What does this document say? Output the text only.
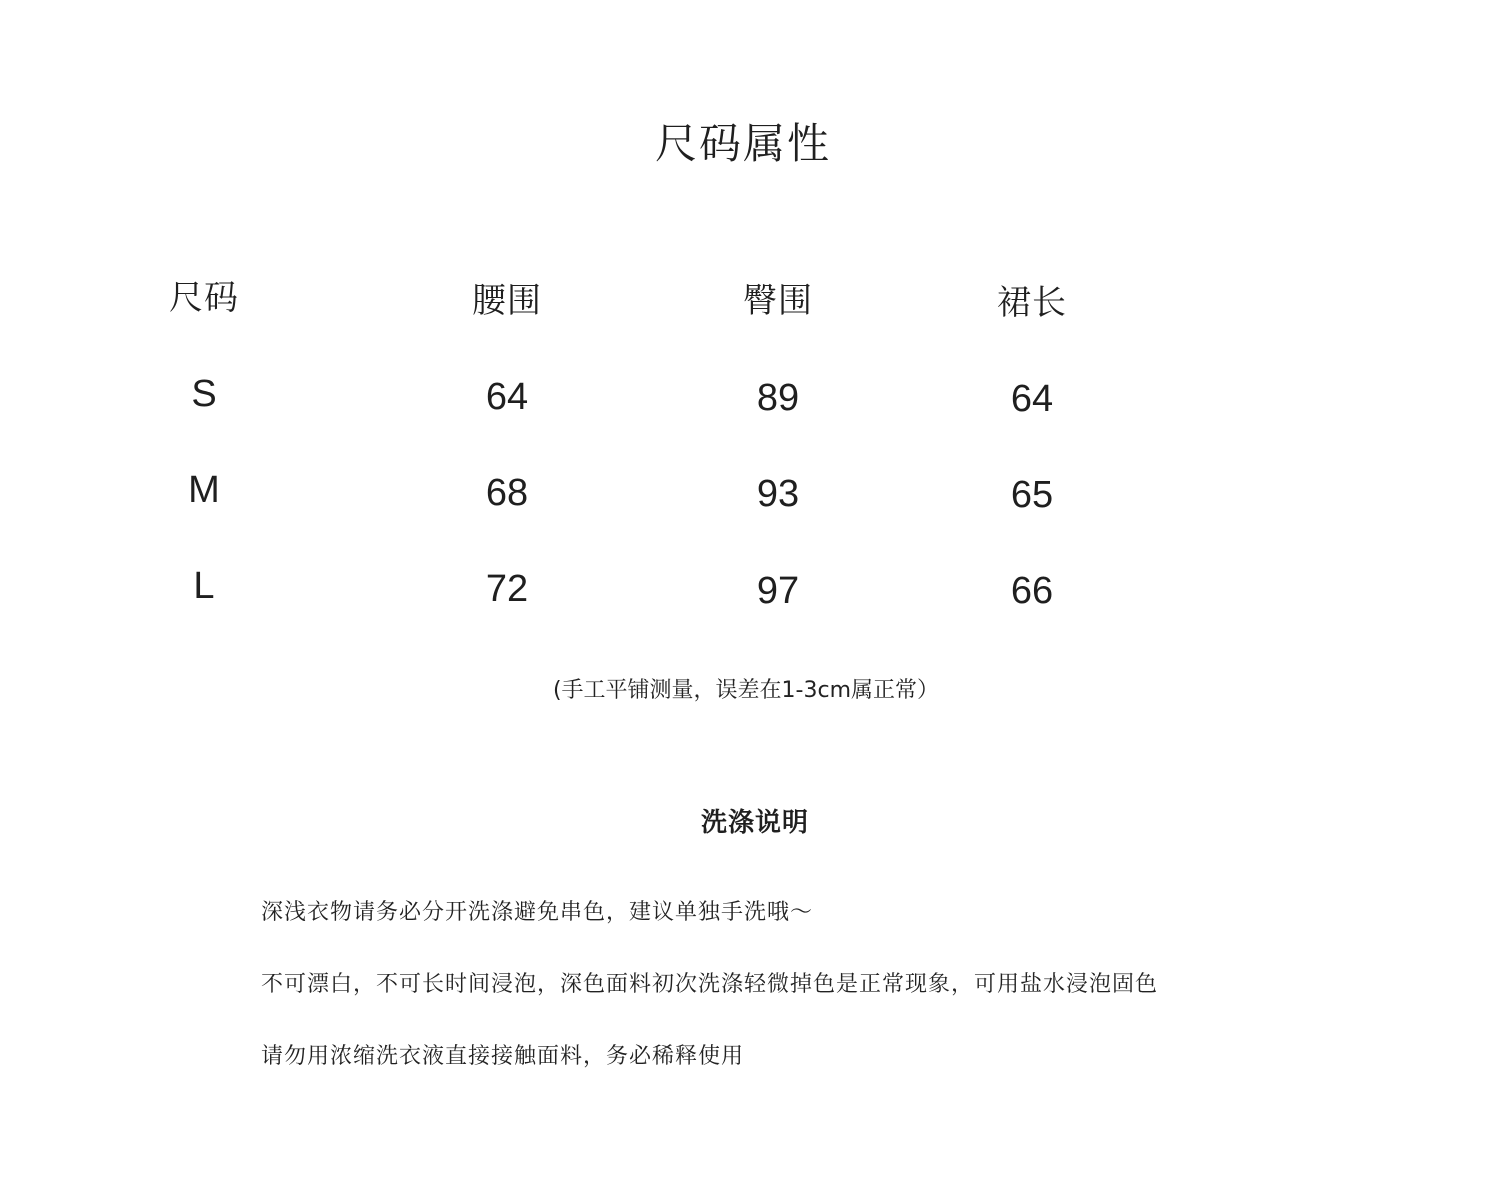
尺码属性
尺码	腰围	臀围	裙长
S	64	89	64
M	68	93	65
L	72	97	66
(手工平铺测量，误差在1-3cm属正常）
洗涤说明
深浅衣物请务必分开洗涤避免串色，建议单独手洗哦～
不可漂白，不可长时间浸泡，深色面料初次洗涤轻微掉色是正常现象，可用盐水浸泡固色
请勿用浓缩洗衣液直接接触面料，务必稀释使用
